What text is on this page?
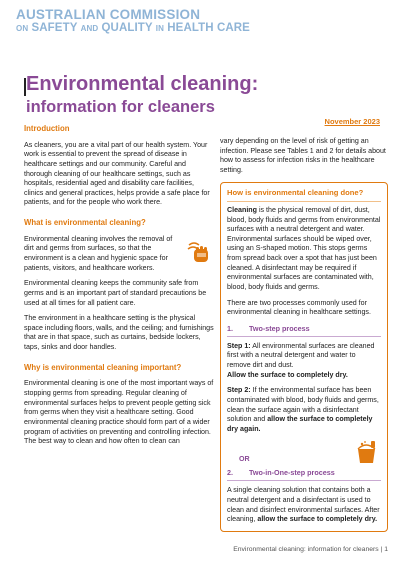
AUSTRALIAN COMMISSION
ON SAFETY AND QUALITY IN HEALTH CARE
Environmental cleaning:
information for cleaners
November 2023
Introduction

As cleaners, you are a vital part of our health system. Your work is essential to prevent the spread of disease in healthcare settings and our community. Careful and thorough cleaning of our healthcare settings, such as hospitals, residential aged and disability care facilities, clinics and general practices, helps provide a safe place for patients, and for the people who work there.

What is environmental cleaning?

Environmental cleaning involves the removal of dirt and germs from surfaces, so that the environment is a clean and hygienic space for patients, visitors, and healthcare workers.

Environmental cleaning keeps the community safe from germs and is an important part of standard precautions be used at all times for all patient care.

The environment in a healthcare setting is the physical space including floors, walls, and the ceiling; and furnishings that are in that space, such as curtains, bedside lockers, taps, sinks and door handles.

Why is environmental cleaning important?

Environmental cleaning is one of the most important ways of stopping germs from spreading. Regular cleaning of environmental surfaces helps to prevent people getting sick from germs when they visit a healthcare setting. Good environmental cleaning practice should form part of a wider program of activities on preventing and controlling infection. The best way to clean and how often to clean can

vary depending on the level of risk of getting an infection. Please see Tables 1 and 2 for details about how to assess for infection risks in the healthcare setting.

How is environmental cleaning done?

Cleaning is the physical removal of dirt, dust, blood, body fluids and germs from environmental surfaces with a neutral detergent and water. Environmental surfaces should be wiped over, using an S-shaped motion. This stops germs from spread back over a spot that has just been cleaned. A disinfectant may be required if environmental surfaces are contaminated with, blood, body fluids and germs.

There are two processes commonly used for environmental cleaning in healthcare settings.

1. Two-step process

Step 1: All environmental surfaces are cleaned first with a neutral detergent and water to remove dirt and dust.
Allow the surface to completely dry.

Step 2: If the environmental surface has been contaminated with blood, body fluids and germs, clean the surface again with a disinfectant solution and allow the surface to completely dry again.

OR
2. Two-in-One-step process

A single cleaning solution that contains both a neutral detergent and a disinfectant is used to clean and disinfect environmental surfaces. After cleaning, allow the surface to completely dry.

Environmental cleaning: information for cleaners | 1
